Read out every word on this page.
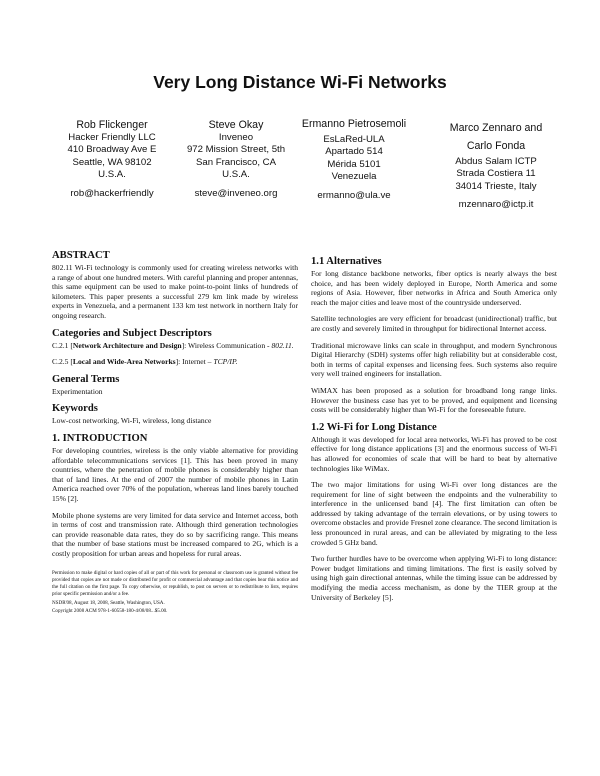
Very Long Distance Wi-Fi Networks
Rob Flickenger
Hacker Friendly LLC
410 Broadway Ave E
Seattle, WA 98102
U.S.A.
rob@hackerfriendly
Steve Okay
Inveneo
972 Mission Street, 5th
San Francisco, CA
U.S.A.
steve@inveneo.org
Ermanno Pietrosemoli
EsLaRed-ULA
Apartado 514
Mérida 5101
Venezuela
ermanno@ula.ve
Marco Zennaro and
Carlo Fonda
Abdus Salam ICTP
Strada Costiera 11
34014 Trieste, Italy
mzennaro@ictp.it
ABSTRACT

802.11 Wi-Fi technology is commonly used for creating wireless networks with a range of about one hundred meters. With careful planning and proper antennas, this same equipment can be used to make point-to-point links of hundreds of kilometers. This paper presents a successful 279 km link made by wireless experts in Venezuela, and a permanent 133 km test network in northern Italy for ongoing research.

Categories and Subject Descriptors

C.2.1 [Network Architecture and Design]: Wireless Communication - 802.11.

C.2.5 [Local and Wide-Area Networks]: Internet – TCP/IP.

General Terms

Experimentation

Keywords

Low-cost networking, Wi-Fi, wireless, long distance

1. INTRODUCTION

For developing countries, wireless is the only viable alternative for providing affordable telecommunications services [1]. This has been proved in many countries, where the penetration of mobile phones is considerably higher than that of land lines. At the end of 2007 the number of mobile phones in Latin America reached over 70% of the population, whereas land lines barely touched 15% [2].

Mobile phone systems are very limited for data service and Internet access, both in terms of cost and transmission rate. Although third generation technologies can provide reasonable data rates, they do so by sacrificing range. This means that the number of base stations must be increased compared to 2G, which is a costly proposition for urban areas and hopeless for rural areas.

Permission to make digital or hard copies of all or part of this work for personal or classroom use is granted without fee provided that copies are not made or distributed for profit or commercial advantage and that copies bear this notice and the full citation on the first page. To copy otherwise, or republish, to post on servers or to redistribute to lists, requires prior specific permission and/or a fee.

NSDR'08, August 18, 2008, Seattle, Washington, USA.

Copyright 2008 ACM 978-1-60558-180-4/08/08...$5.00.

1.1 Alternatives

For long distance backbone networks, fiber optics is nearly always the best choice, and has been widely deployed in Europe, North America and some regions of Asia. However, fiber networks in Africa and South America only reach the major cities and leave most of the countryside underserved.

Satellite technologies are very efficient for broadcast (unidirectional) traffic, but are costly and severely limited in throughput for bidirectional Internet access.

Traditional microwave links can scale in throughput, and modern Synchronous Digital Hierarchy (SDH) systems offer high reliability but at considerable cost, both in terms of capital expenses and licensing fees. Such systems also require very well trained engineers for installation.

WiMAX has been proposed as a solution for broadband long range links. However the business case has yet to be proved, and equipment and licensing costs will be considerably higher than Wi-Fi for the foreseeable future.

1.2 Wi-Fi for Long Distance

Although it was developed for local area networks, Wi-Fi has proved to be cost effective for long distance applications [3] and the enormous success of Wi-Fi has allowed for economies of scale that will be hard to beat by alternative technologies like WiMax.

The two major limitations for using Wi-Fi over long distances are the requirement for line of sight between the endpoints and the vulnerability to interference in the unlicensed band [4]. The first limitation can often be addressed by taking advantage of the terrain elevations, or by using towers to overcome obstacles and provide Fresnel zone clearance. The second limitation is less pronounced in rural areas, and can be alleviated by migrating to the less crowded 5 GHz band.

Two further hurdles have to be overcome when applying Wi-Fi to long distance: Power budget limitations and timing limitations. The first is easily solved by using high gain directional antennas, while the timing issue can be addressed by modifying the media access mechanism, as done by the TIER group at the University of Berkeley [5].
